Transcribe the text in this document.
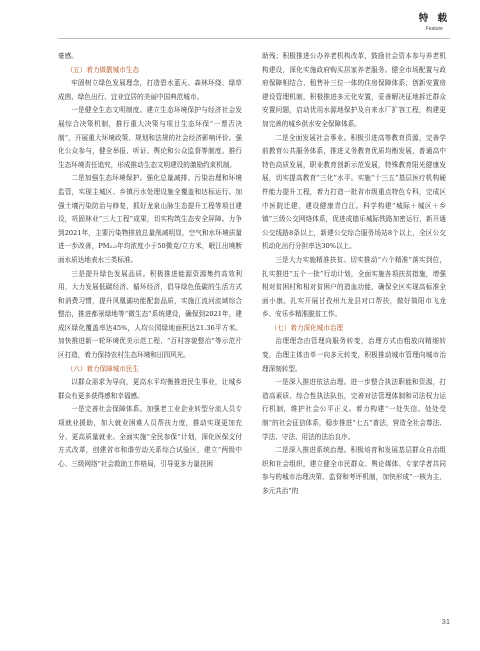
特 载
Feature

豪感。

（五）着力做靓城市生态

牢固树立绿色发展理念，打造碧水蓝天、森林环绕、绿草成茵、绿色出行、宜业宜居的美丽中国典范城市。

一是健全生态文明制度。建立生态环境保护与经济社会发展综合决策机制，推行重大决策与项目生态环保“一票否决制”，开展重大环境政策、规划和法规的社会经济影响评价。强化公众参与，健全举报、听证、舆论和公众监督等制度。推行生态环境责任追究，形成推动生态文明建设的激励约束机制。

二是加强生态环境保护。强化总量减排、污染治理和环境监管，实现主城区、乡镇污水处理设施全覆盖和达标运行。加强土壤污染防治与修复，抓好龙泉山脉生态提升工程等项目建设，巩固林业“三大工程”成果，切实构筑生态安全屏障。力争到2021年，主要污染物排放总量削减明显，空气和水环境质量进一步改善，PM₂.₅年均浓度小于50微克/立方米，岷江出境断面水质达地表水三类标准。

三是提升绿色发展品质。积极推进能源资源集约高效利用，大力发展低碳经济、循环经济，倡导绿色低碳的生活方式和消费习惯，提升风凰湖功能配套品质，实施江流河流域综合整治，推进都景绿地等“微生态”系统建设，确保到2021年，建成区绿化覆盖率达45%，人均公园绿地面积达21.36平方米。加快推进新一轮环境优美示范工程、“百村容貌整治”等示范片区打造，着力保持农村生态环境和田园风光。

（六）着力保障城市民生

以群众需求为导向，更高水平均衡推进民生事业，让城乡群众有更多获得感和幸福感。

一是完善社会保障体系。加强老工业企业转型分流人员专项就业援助，加大就业困难人员帮扶力度，推动实现更加充分、更高质量就业。全面实施“全民参保”计划，深化医保支付方式改革，创建省市和谐劳动关系综合试验区，建立“两级中心、三级网络”社会救助工作格局，引导更多力量扶困

助残；积极推进公办养老机构改革，鼓励社会资本参与养老机构建设，深化实施政府购买居家养老服务。健全市场配置与政府保障相结合、租售补三位一体的住房保障体系；创新安置房建设管理机制，积极推进多元化安置，妥善解决征地拆迁群众安置问题，启动优用水源地保护及自来水厂扩容工程，构建更加完善的城乡供水安全保障体系。

二是全面发展社会事业。积极引进高等教育资源，完善学前教育公共服务体系，推进义务教育优质均衡发展，普通高中特色高质发展，职业教育创新示范发展，特殊教育阳光健康发展，切实提高教育“三化”水平。实施“十三五”基层医疗机构硬件能力提升工程，着力打造一批省市级重点特色专科，完成区中医院迁建，建设健康青白江。科学构建“城际＋城区＋乡镇”三级公交网络体系，促进成德乐城际铁路加密运行，新开通公交线路8条以上，新建公交综合服务场站8个以上，全区公交机动化出行分担率达30%以上。

三是大力实施精准扶贫。切实推动“六个精准”落实到位，扎实推进“五个一批”行动计划，全面实施各项扶贫措施，增强相对贫困村和相对贫困户的造血功能，确保全区实现高标准全面小康。扎实开展甘孜州九龙县对口帮扶，做好简阳市飞龙乡、安乐乡精准脱贫工作。

（七）着力深化城市治理

治理理念由管理向服务转变，治理方式由粗放向精细转变，治理主体由单一向多元转变，积极推动城市管理向城市治理深刻转型。

一是深入推进依法治理。进一步整合执法职能和资源，打造高素质、综合性执法队伍，完善对法管理体制和司法权力运行机制，维护社会公平正义。着力构建“一处失信、处处受制”的社会征信体系，稳步推进“七五”普法，营造全社会尊法、学法、守法、用法的法治良序。

二是深入推进系统治理。积极培育和发展基层群众自治组织和社会组织，建立健全市民群众、舆论媒体、专家学者共同参与的城市治理决策、监督和考评机制，加快形成“一核为主、多元共治”的

31
